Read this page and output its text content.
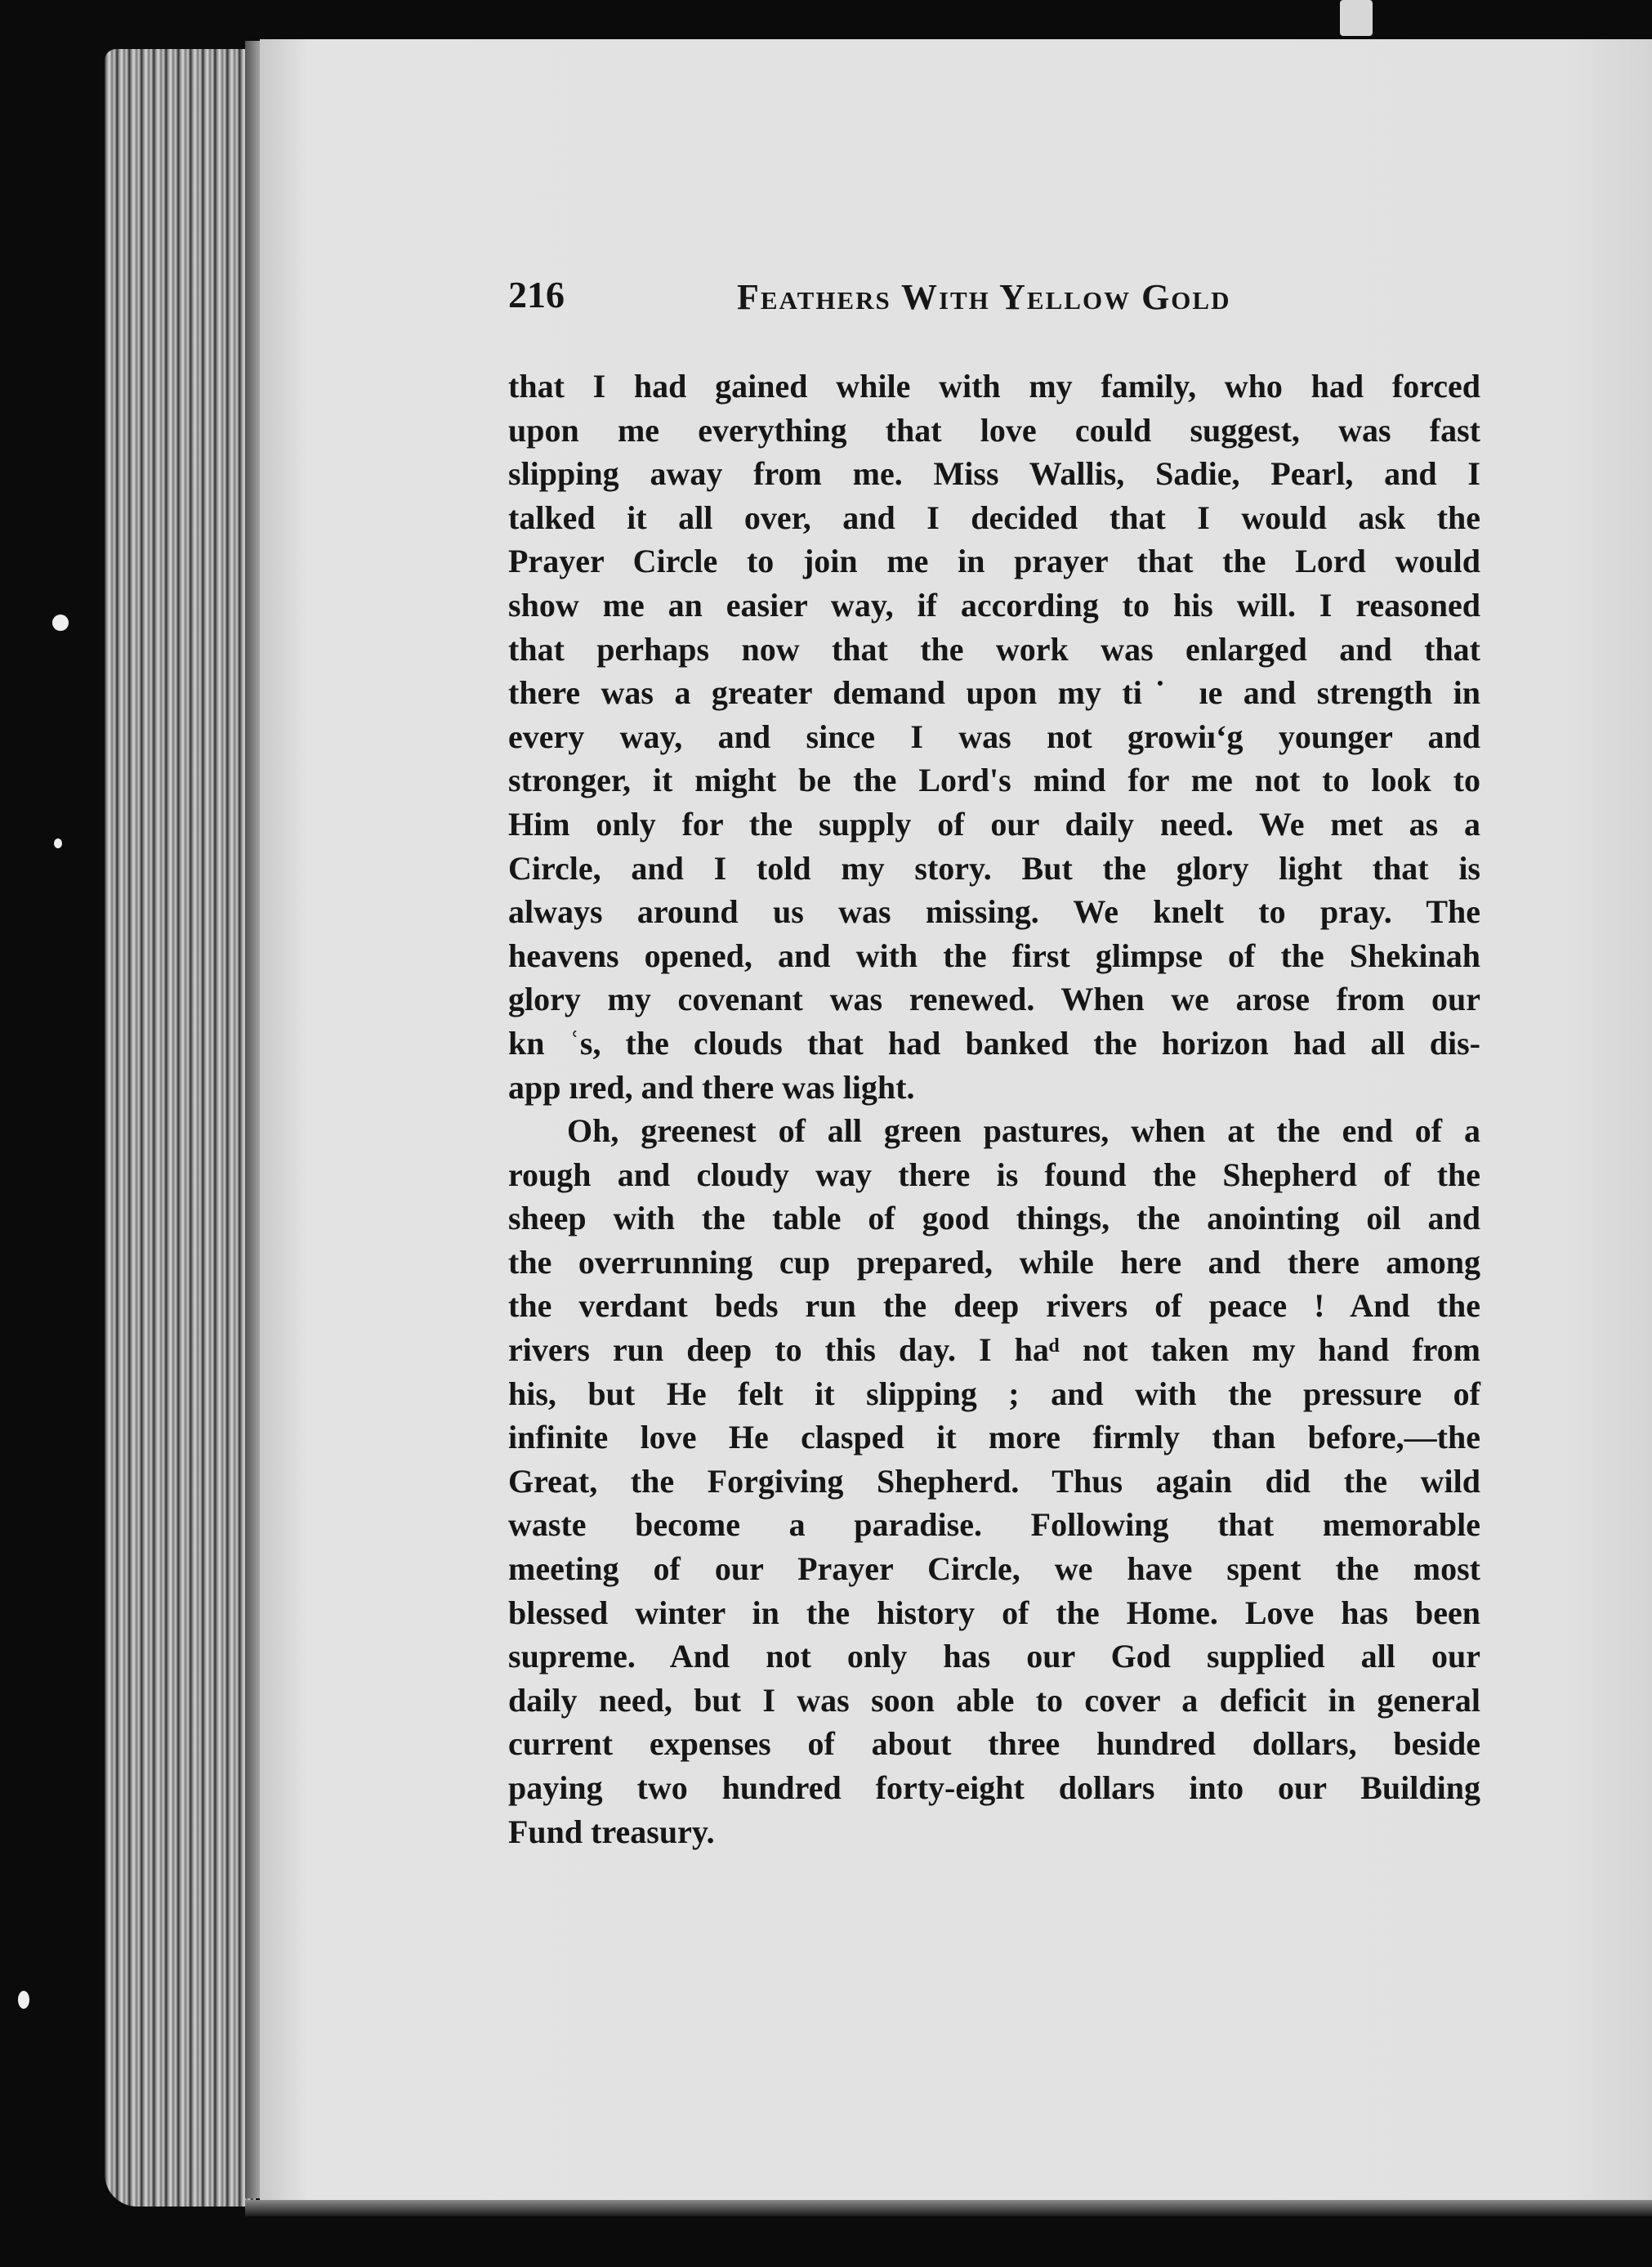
216	Feathers With Yellow Gold
that I had gained while with my family, who had forced
upon me everything that love could suggest, was fast
slipping away from me. Miss Wallis, Sadie, Pearl, and I
talked it all over, and I decided that I would ask the
Prayer Circle to join me in prayer that the Lord would
show me an easier way, if according to his will. I reasoned
that perhaps now that the work was enlarged and that
there was a greater demand upon my ti˙ ıe and strength in
every way, and since I was not growiı‘g younger and
stronger, it might be the Lord's mind for me not to look to
Him only for the supply of our daily need. We met as a
Circle, and I told my story. But the glory light that is
always around us was missing. We knelt to pray. The
heavens opened, and with the first glimpse of the Shekinah
glory my covenant was renewed. When we arose from our
kn ʿs, the clouds that had banked the horizon had all dis-
app ıred, and there was light.
Oh, greenest of all green pastures, when at the end of a
rough and cloudy way there is found the Shepherd of the
sheep with the table of good things, the anointing oil and
the overrunning cup prepared, while here and there among
the verdant beds run the deep rivers of peace ! And the
rivers run deep to this day. I haᵈ not taken my hand from
his, but He felt it slipping ; and with the pressure of
infinite love He clasped it more firmly than before,—the
Great, the Forgiving Shepherd. Thus again did the wild
waste become a paradise. Following that memorable
meeting of our Prayer Circle, we have spent the most
blessed winter in the history of the Home. Love has been
supreme. And not only has our God supplied all our
daily need, but I was soon able to cover a deficit in general
current expenses of about three hundred dollars, beside
paying two hundred forty-eight dollars into our Building
Fund treasury.
